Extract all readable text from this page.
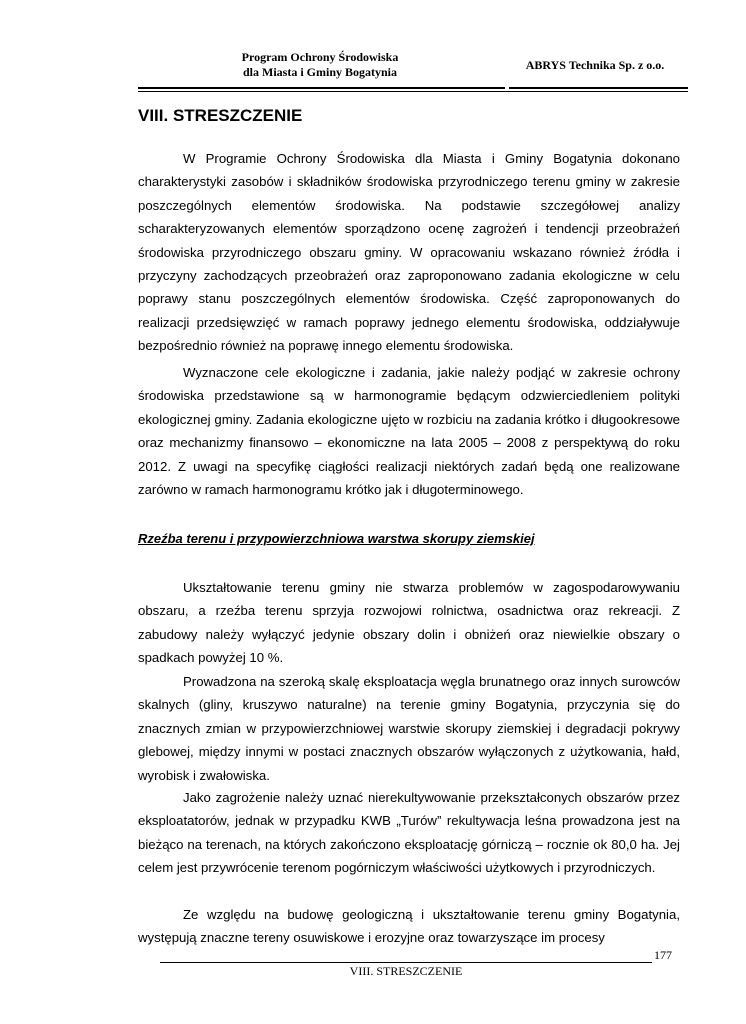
Program Ochrony Środowiska
dla Miasta i Gminy Bogatynia	ABRYS Technika Sp. z o.o.
VIII. STRESZCZENIE

W Programie Ochrony Środowiska dla Miasta i Gminy Bogatynia dokonano charakterystyki zasobów i składników środowiska przyrodniczego terenu gminy w zakresie poszczególnych elementów środowiska. Na podstawie szczegółowej analizy scharakteryzowanych elementów sporządzono ocenę zagrożeń i tendencji przeobrażeń środowiska przyrodniczego obszaru gminy. W opracowaniu wskazano również źródła i przyczyny zachodzących przeobrażeń oraz zaproponowano zadania ekologiczne w celu poprawy stanu poszczególnych elementów środowiska. Część zaproponowanych do realizacji przedsięwzięć w ramach poprawy jednego elementu środowiska, oddziaływuje bezpośrednio również na poprawę innego elementu środowiska.

Wyznaczone cele ekologiczne i zadania, jakie należy podjąć w zakresie ochrony środowiska przedstawione są w harmonogramie będącym odzwierciedleniem polityki ekologicznej gminy. Zadania ekologiczne ujęto w rozbiciu na zadania krótko i długookresowe oraz mechanizmy finansowo – ekonomiczne na lata 2005 – 2008 z perspektywą do roku 2012. Z uwagi na specyfikę ciągłości realizacji niektórych zadań będą one realizowane zarówno w ramach harmonogramu krótko jak i długoterminowego.

Rzeźba terenu i przypowierzchniowa warstwa skorupy ziemskiej

Ukształtowanie terenu gminy nie stwarza problemów w zagospodarowywaniu obszaru, a rzeźba terenu sprzyja rozwojowi rolnictwa, osadnictwa oraz rekreacji. Z zabudowy należy wyłączyć jedynie obszary dolin i obniżeń oraz niewielkie obszary o spadkach powyżej 10 %.

Prowadzona na szeroką skalę eksploatacja węgla brunatnego oraz innych surowców skalnych (gliny, kruszywo naturalne) na terenie gminy Bogatynia, przyczynia się do znacznych zmian w przypowierzchniowej warstwie skorupy ziemskiej i degradacji pokrywy glebowej, między innymi w postaci znacznych obszarów wyłączonych z użytkowania, hałd, wyrobisk i zwałowiska.

Jako zagrożenie należy uznać nierekultywowanie przekształconych obszarów przez eksploatatorów, jednak w przypadku KWB „Turów” rekultywacja leśna prowadzona jest na bieżąco na terenach, na których zakończono eksploatację górniczą – rocznie ok 80,0 ha. Jej celem jest przywrócenie terenom pogórniczym właściwości użytkowych i przyrodniczych.

Ze względu na budowę geologiczną i ukształtowanie terenu gminy Bogatynia, występują znaczne tereny osuwiskowe i erozyjne oraz towarzyszące im procesy

177
VIII. STRESZCZENIE
